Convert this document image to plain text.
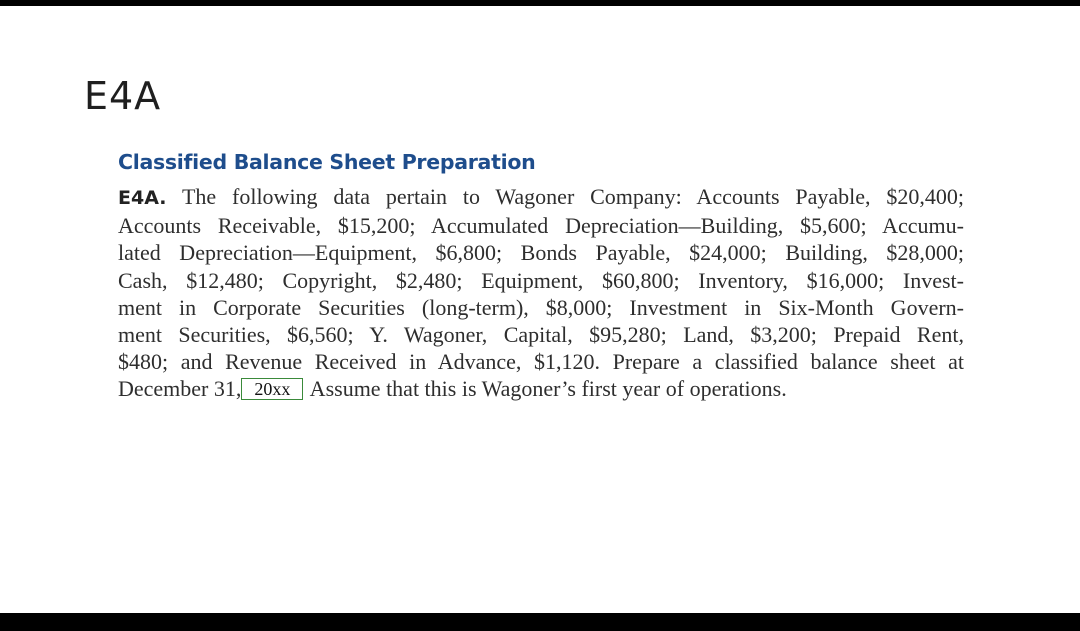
E4A
Classified Balance Sheet Preparation
E4A. The following data pertain to Wagoner Company: Accounts Payable, $20,400;
Accounts Receivable, $15,200; Accumulated Depreciation—Building, $5,600; Accumu-
lated Depreciation—Equipment, $6,800; Bonds Payable, $24,000; Building, $28,000;
Cash, $12,480; Copyright, $2,480; Equipment, $60,800; Inventory, $16,000; Invest-
ment in Corporate Securities (long-term), $8,000; Investment in Six-Month Govern-
ment Securities, $6,560; Y. Wagoner, Capital, $95,280; Land, $3,200; Prepaid Rent,
$480; and Revenue Received in Advance, $1,120. Prepare a classified balance sheet at
December 31, 20xx Assume that this is Wagoner’s first year of operations.
